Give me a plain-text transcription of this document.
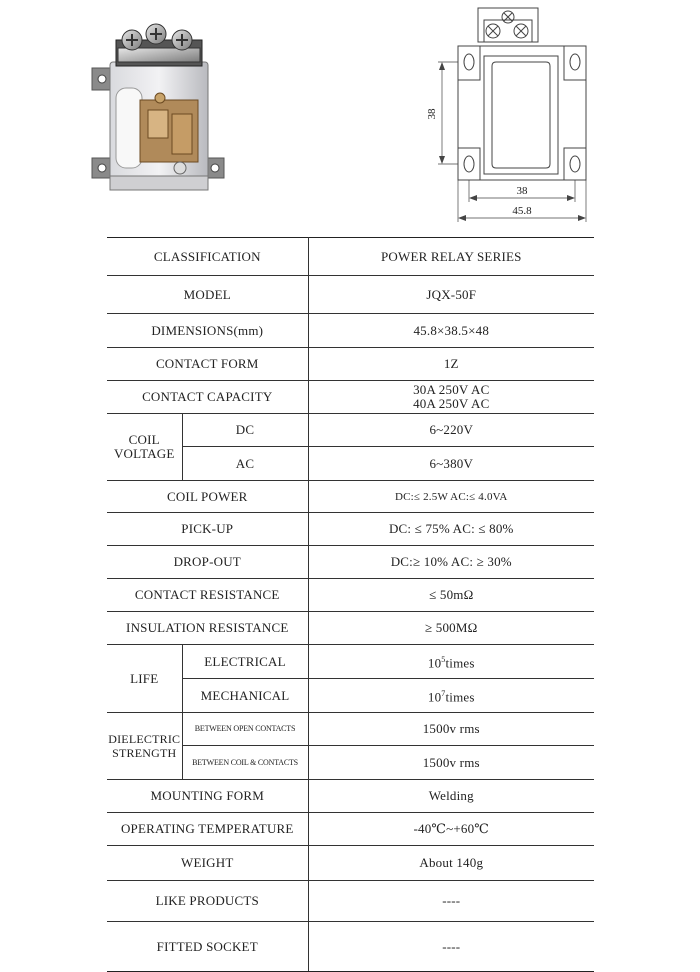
38
38
45.8
CLASSIFICATION		POWER RELAY SERIES
MODEL		JQX-50F
DIMENSIONS(mm)		45.8×38.5×48
CONTACT FORM		1Z
CONTACT CAPACITY		30A 250V AC
40A 250V AC

COIL
VOLTAGE	DC	6~220V
	AC	6~380V
COIL POWER		DC:≤ 2.5W AC:≤ 4.0VA
PICK-UP		DC: ≤ 75% AC: ≤ 80%
DROP-OUT		DC:≥ 10% AC: ≥ 30%
CONTACT RESISTANCE		≤ 50mΩ
INSULATION RESISTANCE		≥ 500MΩ
LIFE	ELECTRICAL	$10^5times$
	MECHANICAL	$10^7times$

DIELECTRIC
STRENGTH	BETWEEN OPEN CONTACTS	1500v rms
	BETWEEN COIL & CONTACTS	1500v rms
MOUNTING FORM		Welding
OPERATING TEMPERATURE		-40℃~+60℃
WEIGHT		About 140g
LIKE PRODUCTS		----
FITTED SOCKET		----
